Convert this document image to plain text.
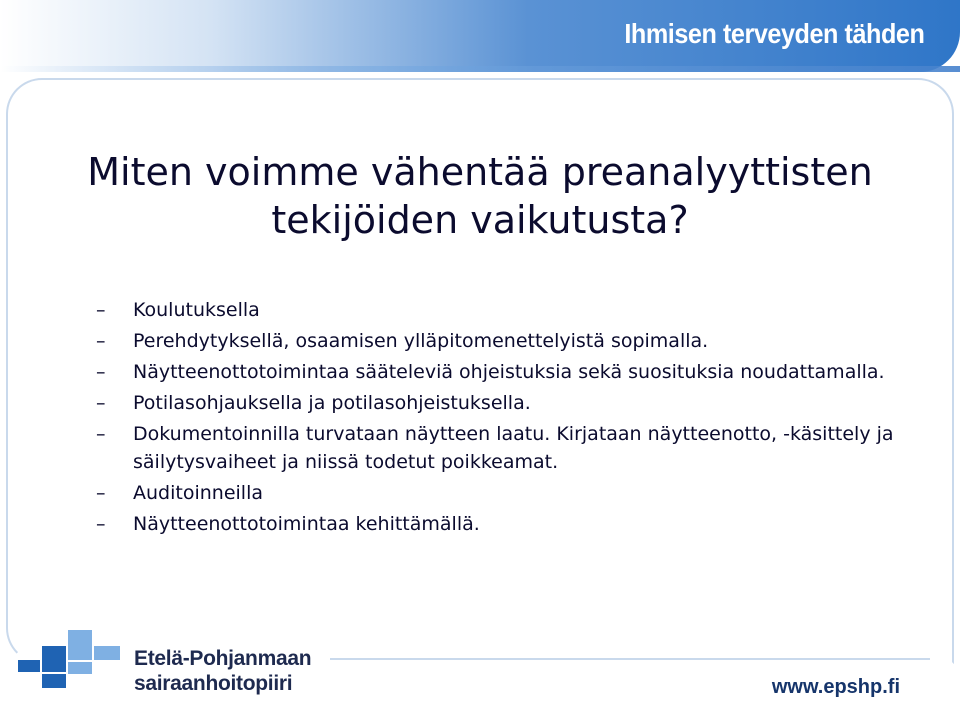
Ihmisen terveyden tähden
Miten voimme vähentää preanalyyttisten
tekijöiden vaikutusta?
– Koulutuksella
– Perehdytyksellä, osaamisen ylläpitomenettelyistä sopimalla.
– Näytteenottotoimintaa sääteleviä ohjeistuksia sekä suosituksia noudattamalla.
– Potilasohjauksella ja potilasohjeistuksella.
– Dokumentoinnilla turvataan näytteen laatu. Kirjataan näytteenotto, -käsittely ja säilytysvaiheet ja niissä todetut poikkeamat.
– Auditoinneilla
– Näytteenottotoimintaa kehittämällä.
Etelä-Pohjanmaan
sairaanhoitopiiri	www.epshp.fi
